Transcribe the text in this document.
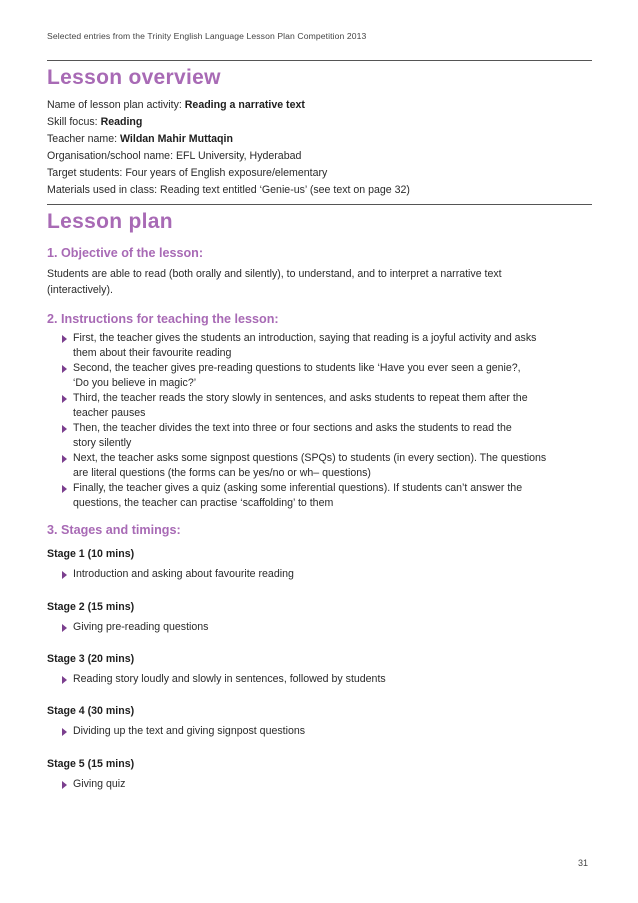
Selected entries from the Trinity English Language Lesson Plan Competition 2013
Lesson overview
Name of lesson plan activity: Reading a narrative text
Skill focus: Reading
Teacher name: Wildan Mahir Muttaqin
Organisation/school name: EFL University, Hyderabad
Target students: Four years of English exposure/elementary
Materials used in class: Reading text entitled ‘Genie-us’ (see text on page 32)
Lesson plan
1. Objective of the lesson:
Students are able to read (both orally and silently), to understand, and to interpret a narrative text
(interactively).
2. Instructions for teaching the lesson:
First, the teacher gives the students an introduction, saying that reading is a joyful activity and asks
them about their favourite reading
Second, the teacher gives pre-reading questions to students like ‘Have you ever seen a genie?,
‘Do you believe in magic?’
Third, the teacher reads the story slowly in sentences, and asks students to repeat them after the
teacher pauses
Then, the teacher divides the text into three or four sections and asks the students to read the
story silently
Next, the teacher asks some signpost questions (SPQs) to students (in every section). The questions
are literal questions (the forms can be yes/no or wh– questions)
Finally, the teacher gives a quiz (asking some inferential questions). If students can’t answer the
questions, the teacher can practise ‘scaffolding’ to them
3. Stages and timings:
Stage 1 (10 mins)
Introduction and asking about favourite reading
Stage 2 (15 mins)
Giving pre-reading questions
Stage 3 (20 mins)
Reading story loudly and slowly in sentences, followed by students
Stage 4 (30 mins)
Dividing up the text and giving signpost questions
Stage 5 (15 mins)
Giving quiz
31
